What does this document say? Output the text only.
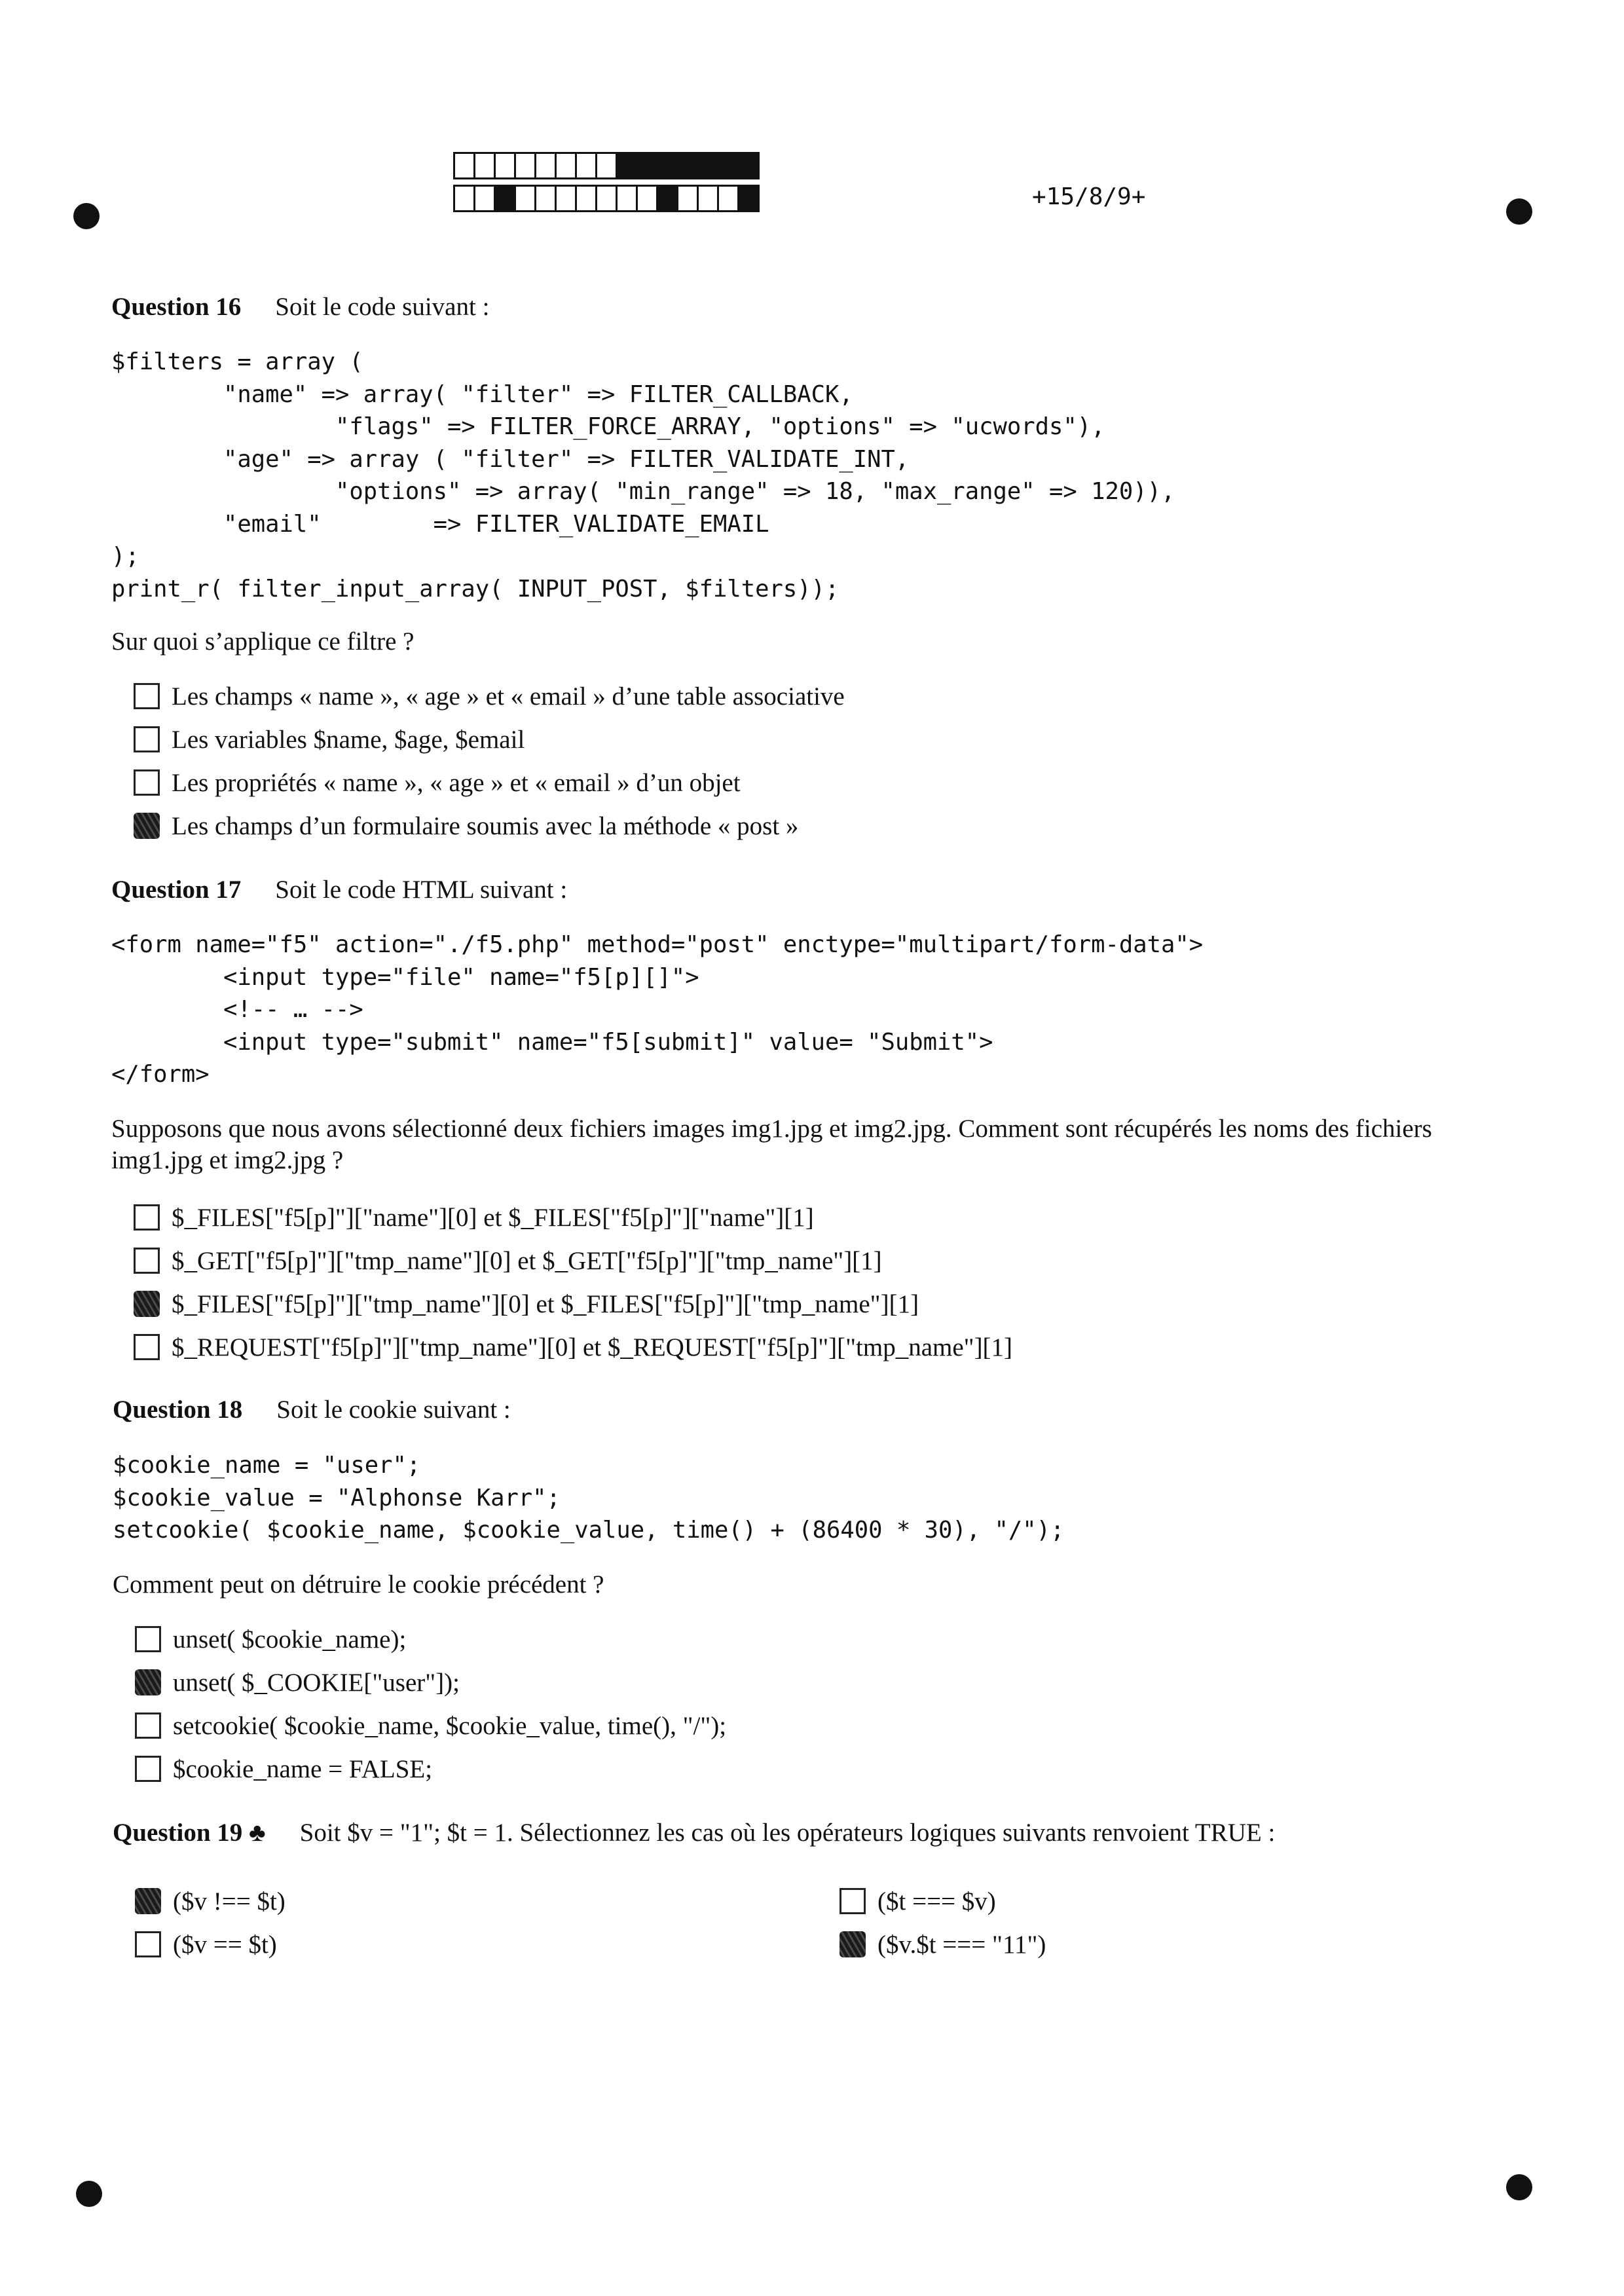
+15/8/9+
Question 16 Soit le code suivant :
$filters = array (
"name" => array( "filter" => FILTER_CALLBACK,
"flags" => FILTER_FORCE_ARRAY, "options" => "ucwords"),
"age" => array ( "filter" => FILTER_VALIDATE_INT,
"options" => array( "min_range" => 18, "max_range" => 120)),
"email"        => FILTER_VALIDATE_EMAIL
);
print_r( filter_input_array( INPUT_POST, $filters));
Sur quoi s’applique ce filtre ?
Les champs « name », « age » et « email » d’une table associative
Les variables $name, $age, $email
Les propriétés « name », « age » et « email » d’un objet
Les champs d’un formulaire soumis avec la méthode « post »
Question 17 Soit le code HTML suivant :
<form name="f5" action="./f5.php" method="post" enctype="multipart/form-data">
<input type="file" name="f5[p][]">
<!-- … -->
<input type="submit" name="f5[submit]" value= "Submit">
</form>
Supposons que nous avons sélectionné deux fichiers images img1.jpg et img2.jpg. Comment sont récupérés les noms des fichiers img1.jpg et img2.jpg ?
$_FILES["f5[p]"]["name"][0] et $_FILES["f5[p]"]["name"][1]
$_GET["f5[p]"]["tmp_name"][0] et $_GET["f5[p]"]["tmp_name"][1]
$_FILES["f5[p]"]["tmp_name"][0] et $_FILES["f5[p]"]["tmp_name"][1]
$_REQUEST["f5[p]"]["tmp_name"][0] et $_REQUEST["f5[p]"]["tmp_name"][1]
Question 18 Soit le cookie suivant :
$cookie_name = "user";
$cookie_value = "Alphonse Karr";
setcookie( $cookie_name, $cookie_value, time() + (86400 * 30), "/");
Comment peut on détruire le cookie précédent ?
unset( $cookie_name);
unset( $_COOKIE["user"]);
setcookie( $cookie_name, $cookie_value, time(), "/");
$cookie_name = FALSE;
Question 19 ♣ Soit $v = "1"; $t = 1. Sélectionnez les cas où les opérateurs logiques suivants renvoient TRUE :
($v !== $t)
($v == $t)
($t === $v)
($v.$t === "11")
